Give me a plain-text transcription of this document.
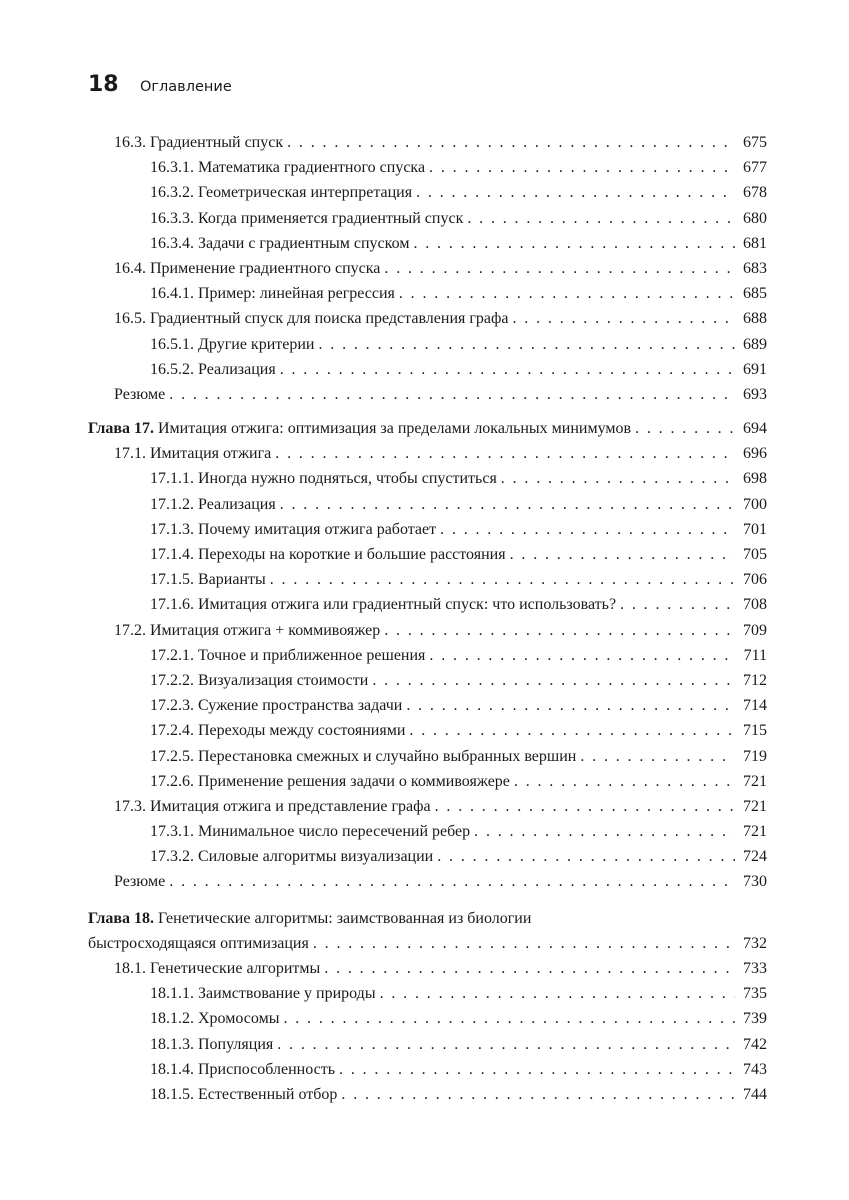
18	Оглавление
16.3. Градиентный спуск . . .	675
16.3.1. Математика градиентного спуска . . .	677
16.3.2. Геометрическая интерпретация . . .	678
16.3.3. Когда применяется градиентный спуск . . .	680
16.3.4. Задачи с градиентным спуском . . .	681
16.4. Применение градиентного спуска . . .	683
16.4.1. Пример: линейная регрессия . . .	685
16.5. Градиентный спуск для поиска представления графа . . .	688
16.5.1. Другие критерии . . .	689
16.5.2. Реализация . . .	691
Резюме . . .	693
Глава 17. Имитация отжига: оптимизация за пределами локальных минимумов . . .	694
17.1. Имитация отжига . . .	696
17.1.1. Иногда нужно подняться, чтобы спуститься . . .	698
17.1.2. Реализация . . .	700
17.1.3. Почему имитация отжига работает . . .	701
17.1.4. Переходы на короткие и большие расстояния . . .	705
17.1.5. Варианты . . .	706
17.1.6. Имитация отжига или градиентный спуск: что использовать? . . .	708
17.2. Имитация отжига + коммивояжер . . .	709
17.2.1. Точное и приближенное решения . . .	711
17.2.2. Визуализация стоимости . . .	712
17.2.3. Сужение пространства задачи . . .	714
17.2.4. Переходы между состояниями . . .	715
17.2.5. Перестановка смежных и случайно выбранных вершин . . .	719
17.2.6. Применение решения задачи о коммивояжере . . .	721
17.3. Имитация отжига и представление графа . . .	721
17.3.1. Минимальное число пересечений ребер . . .	721
17.3.2. Силовые алгоритмы визуализации . . .	724
Резюме . . .	730
Глава 18. Генетические алгоритмы: заимствованная из биологии
быстросходящаяся оптимизация . . .	732
18.1. Генетические алгоритмы . . .	733
18.1.1. Заимствование у природы . . .	735
18.1.2. Хромосомы . . .	739
18.1.3. Популяция . . .	742
18.1.4. Приспособленность . . .	743
18.1.5. Естественный отбор . . .	744
